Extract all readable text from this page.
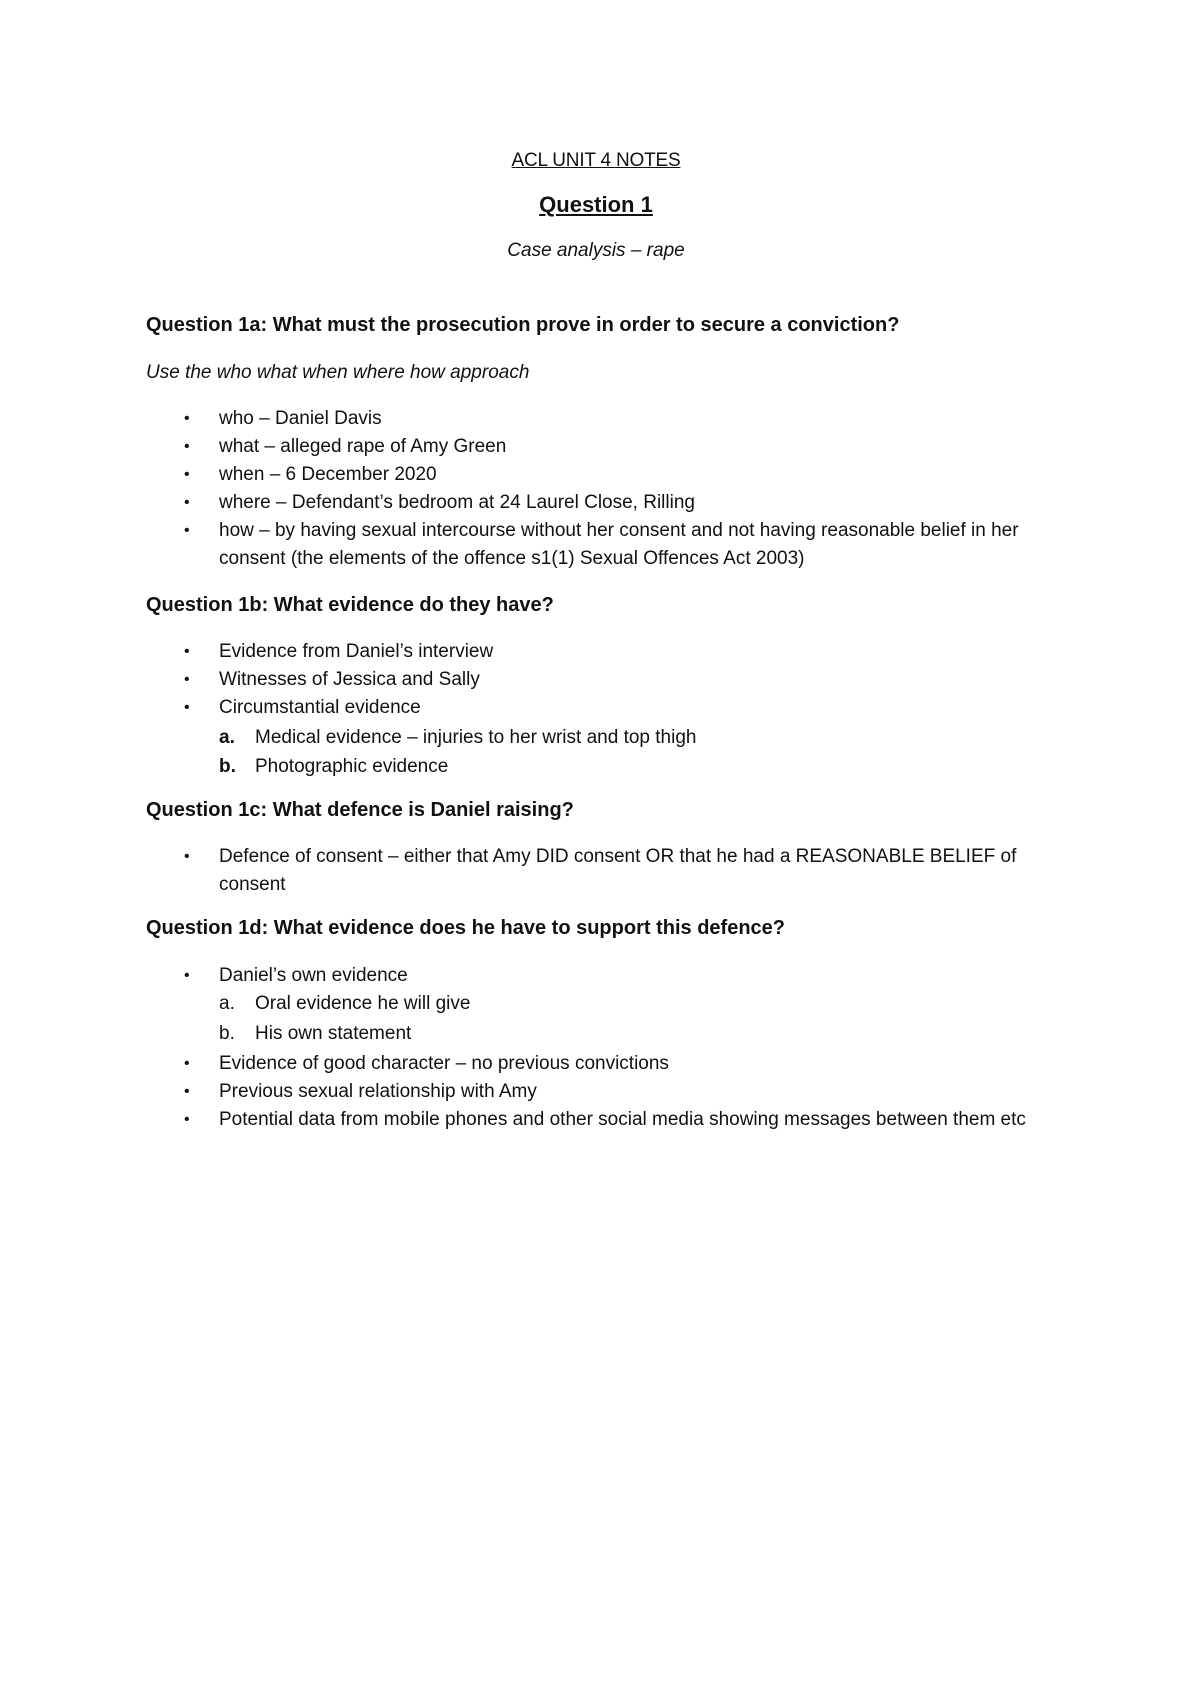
ACL UNIT 4 NOTES
Question 1
Case analysis – rape
Question 1a: What must the prosecution prove in order to secure a conviction?
Use the who what when where how approach
• who – Daniel Davis
• what – alleged rape of Amy Green
• when – 6 December 2020
• where – Defendant’s bedroom at 24 Laurel Close, Rilling
• how – by having sexual intercourse without her consent and not having reasonable belief in her consent (the elements of the offence s1(1) Sexual Offences Act 2003)
Question 1b: What evidence do they have?
• Evidence from Daniel’s interview
• Witnesses of Jessica and Sally
• Circumstantial evidence
a. Medical evidence – injuries to her wrist and top thigh
b. Photographic evidence
Question 1c: What defence is Daniel raising?
• Defence of consent – either that Amy DID consent OR that he had a REASONABLE BELIEF of consent
Question 1d: What evidence does he have to support this defence?
• Daniel’s own evidence
a. Oral evidence he will give
b. His own statement
• Evidence of good character – no previous convictions
• Previous sexual relationship with Amy
• Potential data from mobile phones and other social media showing messages between them etc
